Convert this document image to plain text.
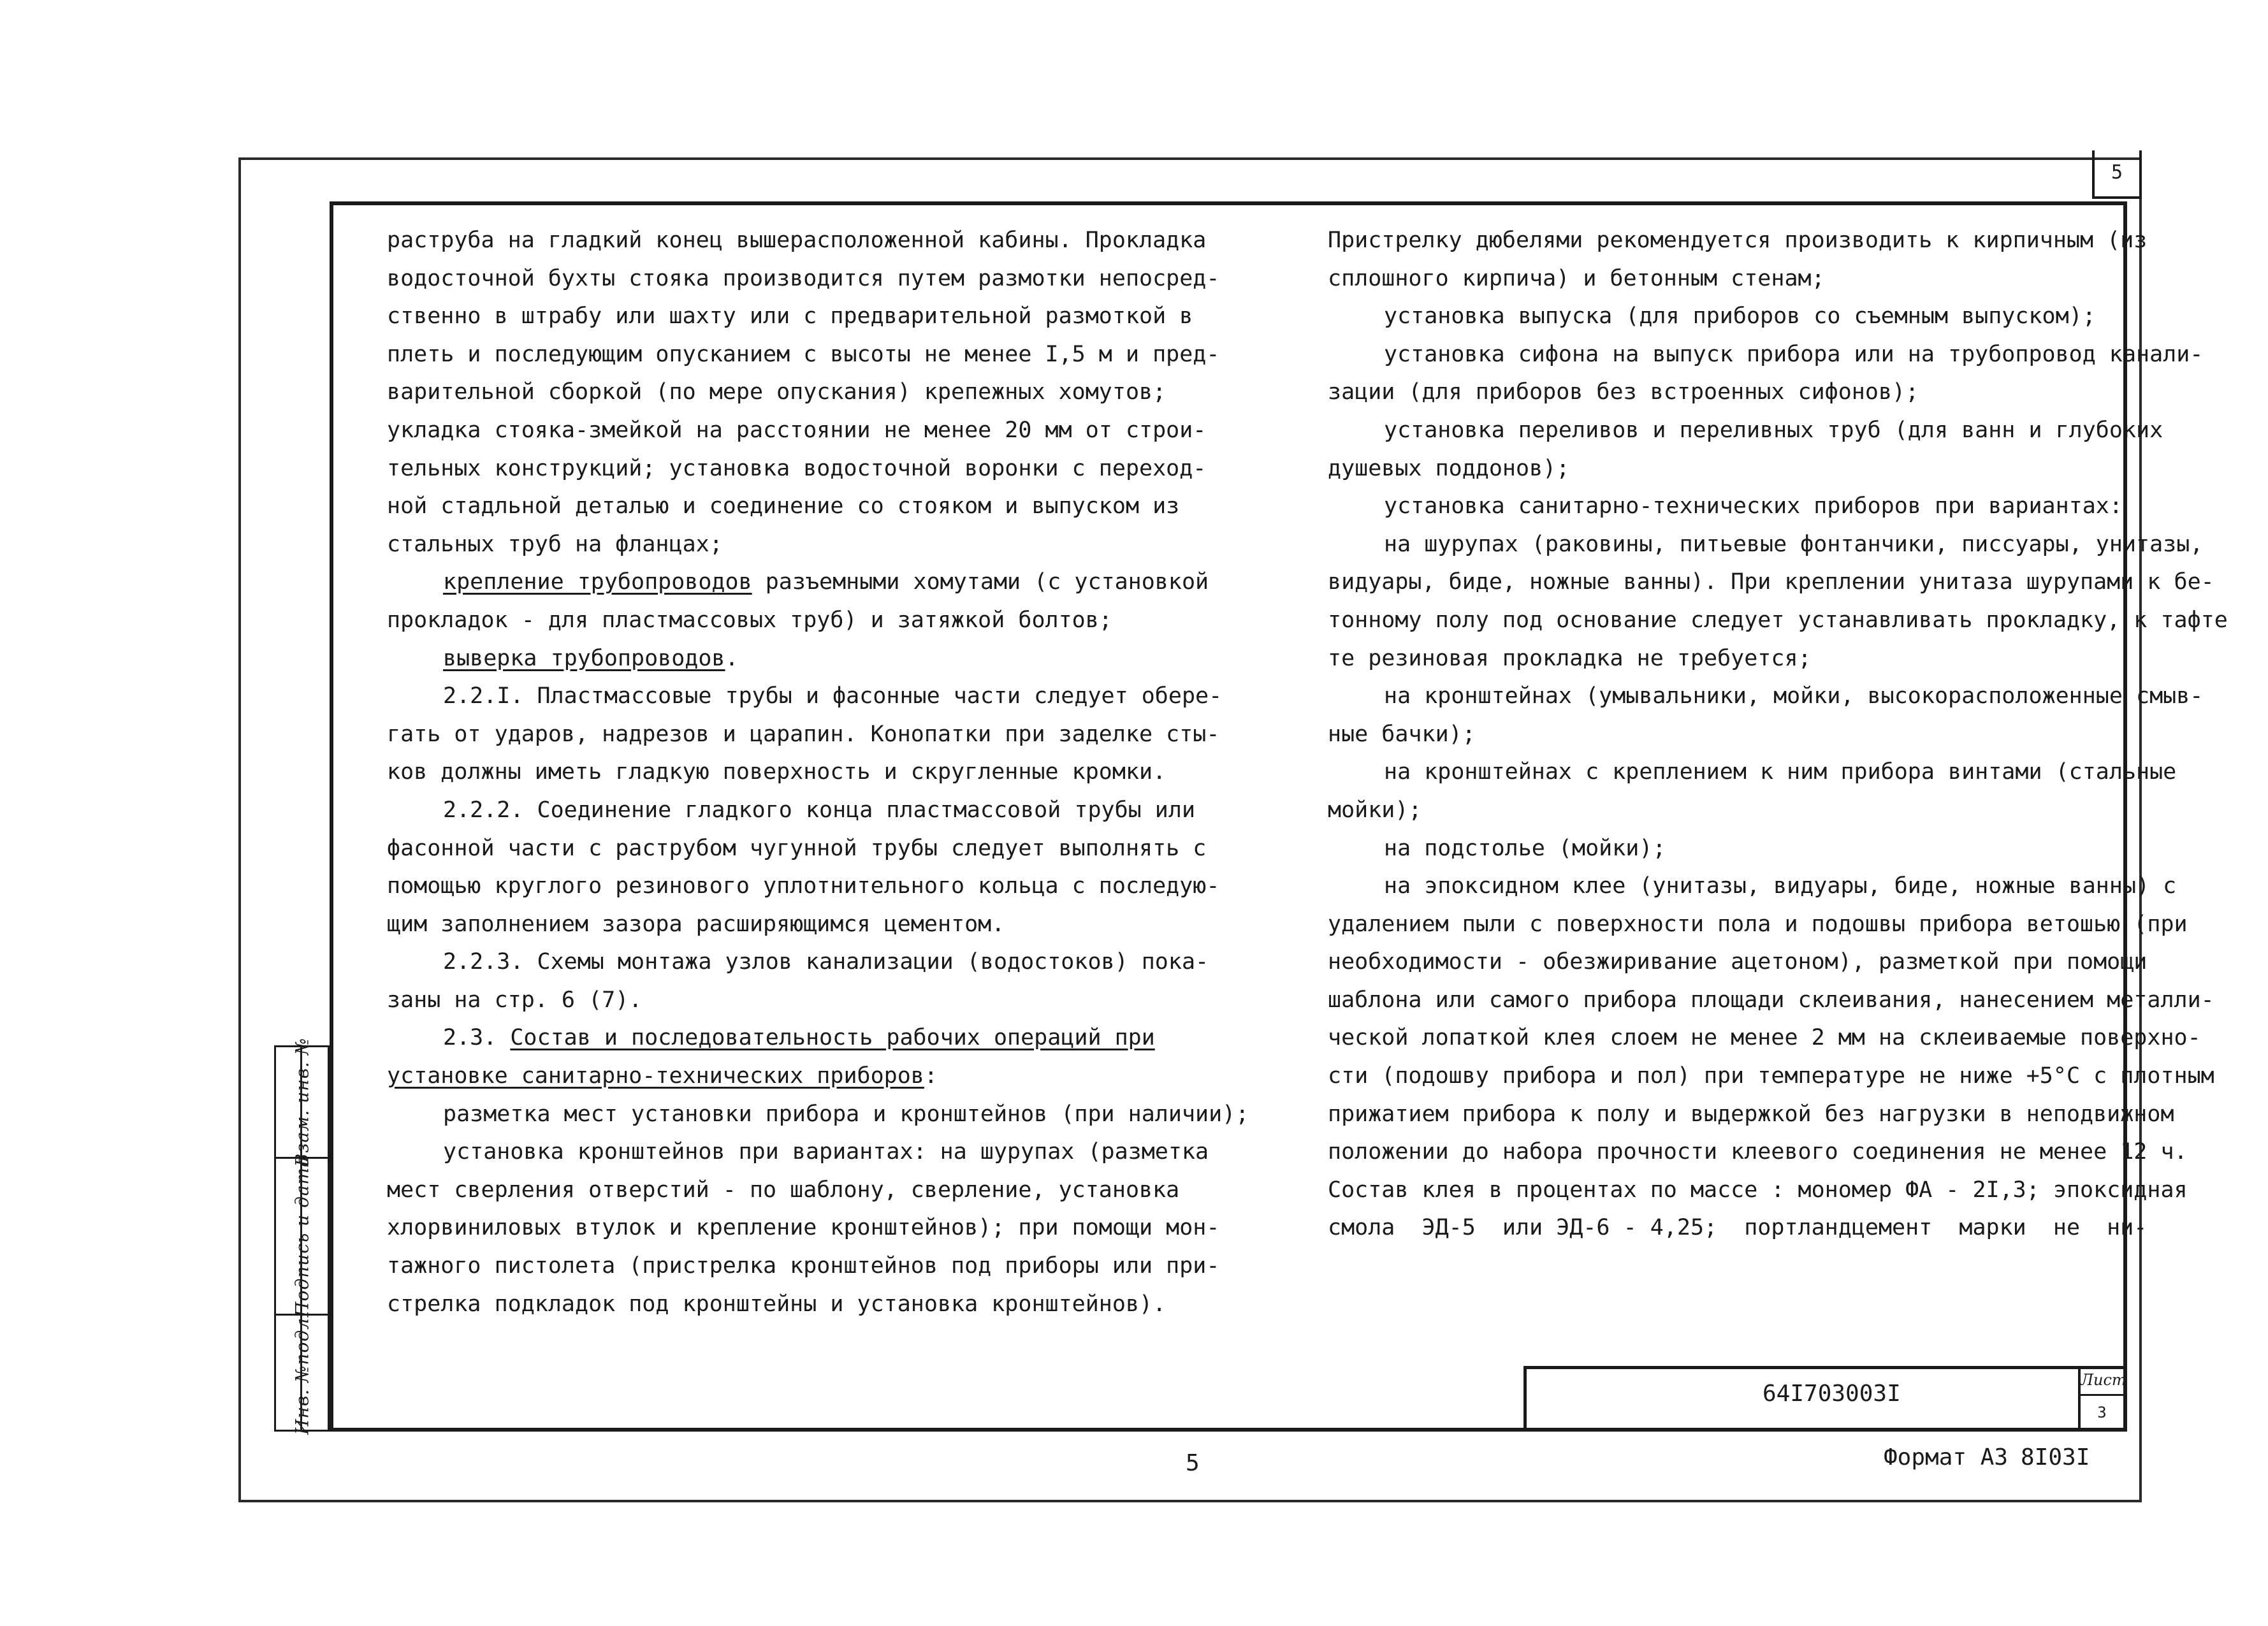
5
Взам. инв. №
Подпись и дата
Инв. №подл.
раструба на гладкий конец вышерасположенной кабины. Прокладка
водосточной бухты стояка производится путем размотки непосред-
ственно в штрабу или шахту или с предварительной размоткой в
плеть и последующим опусканием с высоты не менее I,5 м и пред-
варительной сборкой (по мере опускания) крепежных хомутов;
укладка стояка-змейкой на расстоянии не менее 20 мм от строи-
тельных конструкций; установка водосточной воронки с переход-
ной стадльной деталью и соединение со стояком и выпуском из
стальных труб на фланцах;
крепление трубопроводов разъемными хомутами (с установкой
прокладок - для пластмассовых труб) и затяжкой болтов;
выверка трубопроводов.
2.2.I. Пластмассовые трубы и фасонные части следует обере-
гать от ударов, надрезов и царапин. Конопатки при заделке сты-
ков должны иметь гладкую поверхность и скругленные кромки.
2.2.2. Соединение гладкого конца пластмассовой трубы или
фасонной части с раструбом чугунной трубы следует выполнять с
помощью круглого резинового уплотнительного кольца с последую-
щим заполнением зазора расширяющимся цементом.
2.2.3. Схемы монтажа узлов канализации (водостоков) пока-
заны на стр. 6 (7).
2.3. Состав и последовательность рабочих операций при
установке санитарно-технических приборов:
разметка мест установки прибора и кронштейнов (при наличии);
установка кронштейнов при вариантах: на шурупах (разметка
мест сверления отверстий - по шаблону, сверление, установка
хлорвиниловых втулок и крепление кронштейнов); при помощи мон-
тажного пистолета (пристрелка кронштейнов под приборы или при-
стрелка подкладок под кронштейны и установка кронштейнов).
Пристрелку дюбелями рекомендуется производить к кирпичным (из
сплошного кирпича) и бетонным стенам;
установка выпуска (для приборов со съемным выпуском);
установка сифона на выпуск прибора или на трубопровод канали-
зации (для приборов без встроенных сифонов);
установка переливов и переливных труб (для ванн и глубоких
душевых поддонов);
установка санитарно-технических приборов при вариантах:
на шурупах (раковины, питьевые фонтанчики, писсуары, унитазы,
видуары, биде, ножные ванны). При креплении унитаза шурупами к бе-
тонному полу под основание следует устанавливать прокладку, к тафте
те резиновая прокладка не требуется;
на кронштейнах (умывальники, мойки, высокорасположенные смыв-
ные бачки);
на кронштейнах с креплением к ним прибора винтами (стальные
мойки);
на подстолье (мойки);
на эпоксидном клее (унитазы, видуары, биде, ножные ванны) с
удалением пыли с поверхности пола и подошвы прибора ветошью (при
необходимости - обезжиривание ацетоном), разметкой при помощи
шаблона или самого прибора площади склеивания, нанесением металли-
ческой лопаткой клея слоем не менее 2 мм на склеиваемые поверхно-
сти (подошву прибора и пол) при температуре не ниже +5°С с плотным
прижатием прибора к полу и выдержкой без нагрузки в неподвижном
положении до набора прочности клеевого соединения не менее 12 ч.
Состав клея в процентах по массе : мономер ФА - 2I,3; эпоксидная
смола  ЭД-5  или ЭД-6 - 4,25;  портландцемент  марки  не  ни-
64I703003I
Лист
3
5	Формат А3 8I03I
